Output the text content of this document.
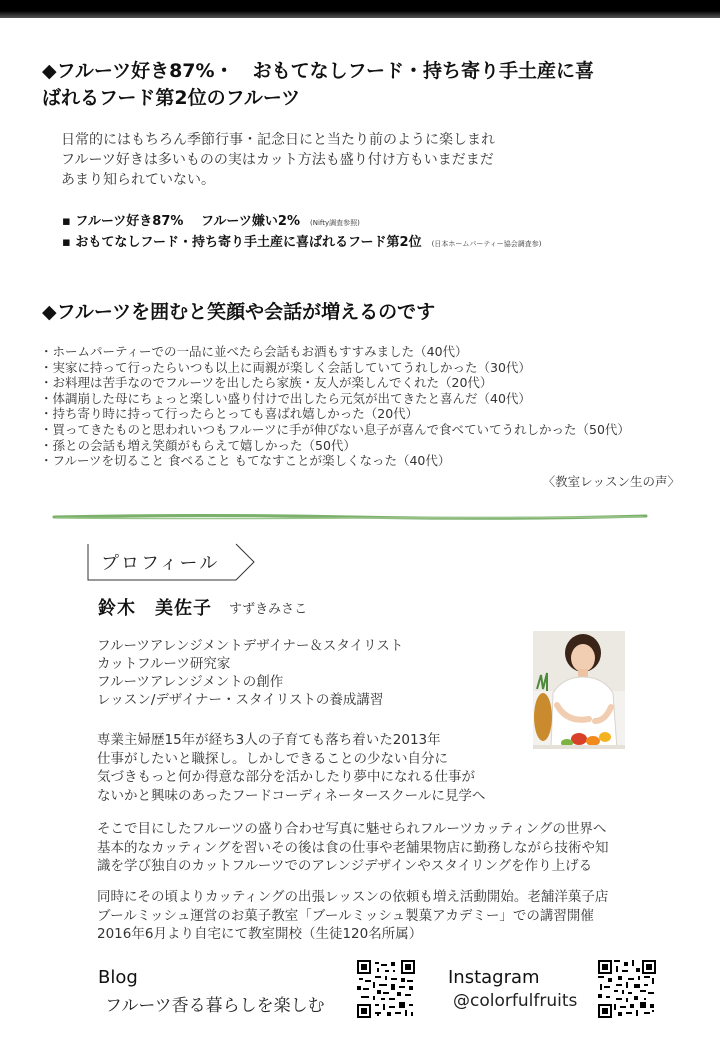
◆フルーツ好き87%・　おもてなしフード・持ち寄り手土産に喜
ばれるフード第2位のフルーツ
日常的にはもちろん季節行事・記念日にと当たり前のように楽しまれ
フルーツ好きは多いものの実はカット方法も盛り付け方もいまだまだ
あまり知られていない。
▪ フルーツ好き87%　 フルーツ嫌い2% (Nifty調査参照)
▪ おもてなしフード・持ち寄り手土産に喜ばれるフード第2位 (日本ホームパーティー協会調査参)
◆フルーツを囲むと笑顔や会話が増えるのです
・ホームパーティーでの一品に並べたら会話もお酒もすすみました（40代）
・実家に持って行ったらいつも以上に両親が楽しく会話していてうれしかった（30代）
・お料理は苦手なのでフルーツを出したら家族・友人が楽しんでくれた（20代）
・体調崩した母にちょっと楽しい盛り付けで出したら元気が出てきたと喜んだ（40代）
・持ち寄り時に持って行ったらとっても喜ばれ嬉しかった（20代）
・買ってきたものと思われいつもフルーツに手が伸びない息子が喜んで食べていてうれしかった（50代）
・孫との会話も増え笑顔がもらえて嬉しかった（50代）
・フルーツを切ること 食べること もてなすことが楽しくなった（40代）
〈教室レッスン生の声〉
プロフィール
鈴木　美佐子 すずきみさこ
フルーツアレンジメントデザイナー＆スタイリスト
カットフルーツ研究家
フルーツアレンジメントの創作
レッスン/デザイナー・スタイリストの養成講習
専業主婦歴15年が経ち3人の子育ても落ち着いた2013年
仕事がしたいと職探し。しかしできることの少ない自分に
気づきもっと何か得意な部分を活かしたり夢中になれる仕事が
ないかと興味のあったフードコーディネータースクールに見学へ
そこで目にしたフルーツの盛り合わせ写真に魅せられフルーツカッティングの世界へ
基本的なカッティングを習いその後は食の仕事や老舗果物店に勤務しながら技術や知
識を学び独自のカットフルーツでのアレンジデザインやスタイリングを作り上げる
同時にその頃よりカッティングの出張レッスンの依頼も増え活動開始。老舗洋菓子店
ブールミッシュ運営のお菓子教室「ブールミッシュ製菓アカデミー」での講習開催
2016年6月より自宅にて教室開校（生徒120名所属）
Blog
フルーツ香る暮らしを楽しむ
Instagram
@colorfulfruits
